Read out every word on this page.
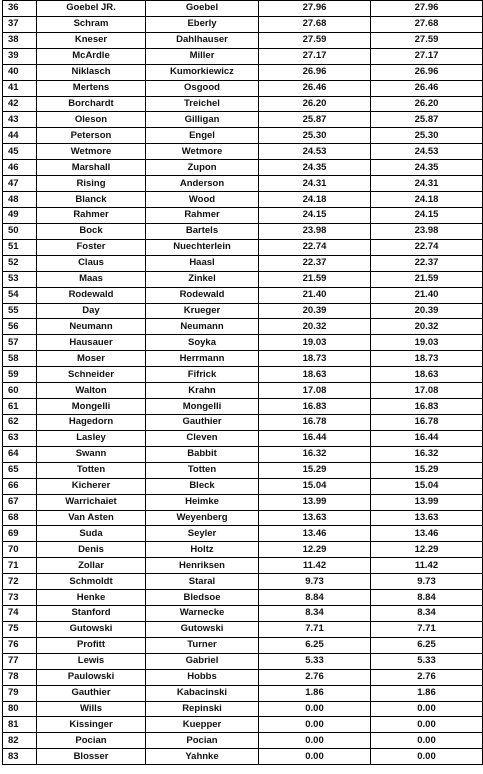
36	Goebel JR.	Goebel	27.96	27.96
37	Schram	Eberly	27.68	27.68
38	Kneser	Dahlhauser	27.59	27.59
39	McArdle	Miller	27.17	27.17
40	Niklasch	Kumorkiewicz	26.96	26.96
41	Mertens	Osgood	26.46	26.46
42	Borchardt	Treichel	26.20	26.20
43	Oleson	Gilligan	25.87	25.87
44	Peterson	Engel	25.30	25.30
45	Wetmore	Wetmore	24.53	24.53
46	Marshall	Zupon	24.35	24.35
47	Rising	Anderson	24.31	24.31
48	Blanck	Wood	24.18	24.18
49	Rahmer	Rahmer	24.15	24.15
50	Bock	Bartels	23.98	23.98
51	Foster	Nuechterlein	22.74	22.74
52	Claus	Haasl	22.37	22.37
53	Maas	Zinkel	21.59	21.59
54	Rodewald	Rodewald	21.40	21.40
55	Day	Krueger	20.39	20.39
56	Neumann	Neumann	20.32	20.32
57	Hausauer	Soyka	19.03	19.03
58	Moser	Herrmann	18.73	18.73
59	Schneider	Fifrick	18.63	18.63
60	Walton	Krahn	17.08	17.08
61	Mongelli	Mongelli	16.83	16.83
62	Hagedorn	Gauthier	16.78	16.78
63	Lasley	Cleven	16.44	16.44
64	Swann	Babbit	16.32	16.32
65	Totten	Totten	15.29	15.29
66	Kicherer	Bleck	15.04	15.04
67	Warrichaiet	Heimke	13.99	13.99
68	Van Asten	Weyenberg	13.63	13.63
69	Suda	Seyler	13.46	13.46
70	Denis	Holtz	12.29	12.29
71	Zollar	Henriksen	11.42	11.42
72	Schmoldt	Staral	9.73	9.73
73	Henke	Bledsoe	8.84	8.84
74	Stanford	Warnecke	8.34	8.34
75	Gutowski	Gutowski	7.71	7.71
76	Profitt	Turner	6.25	6.25
77	Lewis	Gabriel	5.33	5.33
78	Paulowski	Hobbs	2.76	2.76
79	Gauthier	Kabacinski	1.86	1.86
80	Wills	Repinski	0.00	0.00
81	Kissinger	Kuepper	0.00	0.00
82	Pocian	Pocian	0.00	0.00
83	Blosser	Yahnke	0.00	0.00
